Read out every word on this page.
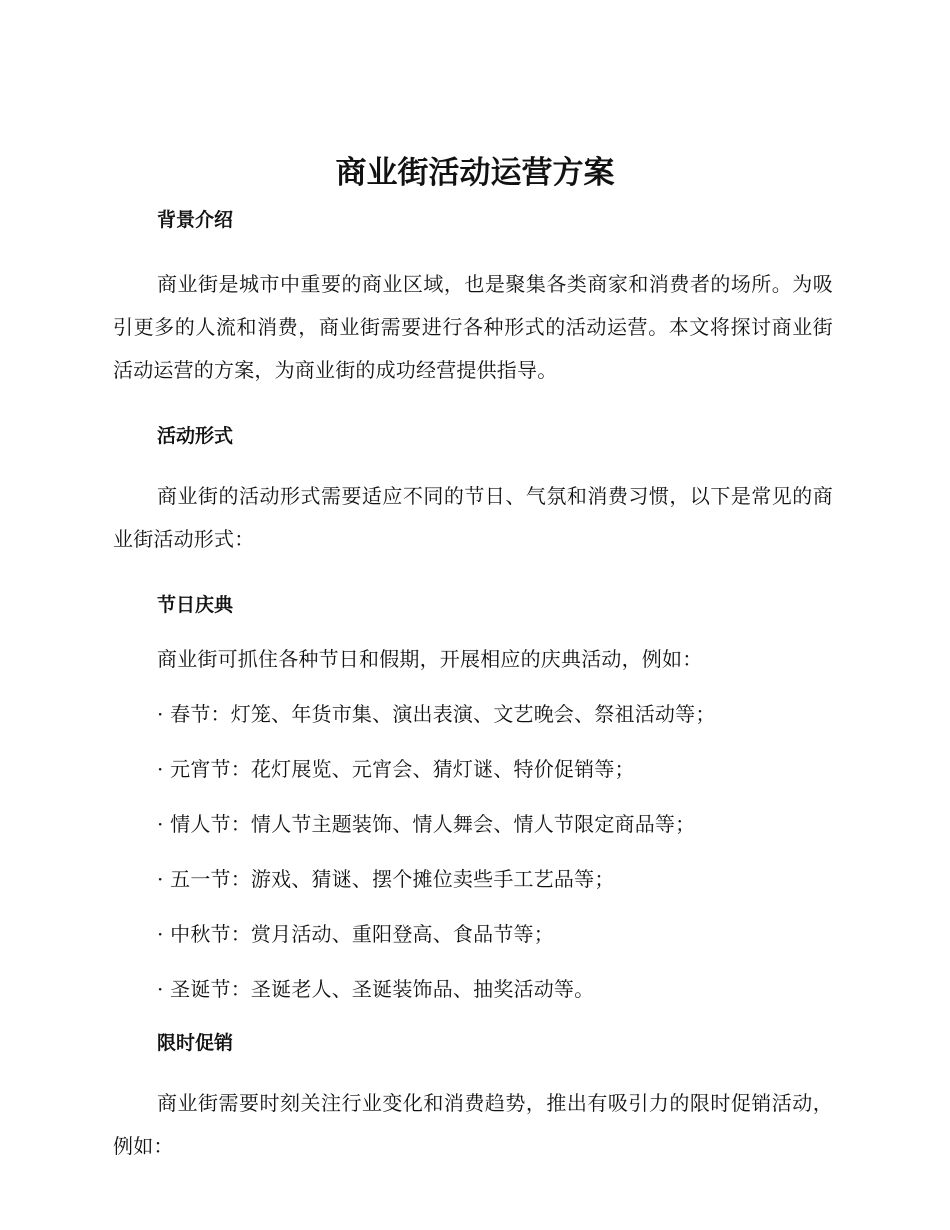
商业街活动运营方案
背景介绍

商业街是城市中重要的商业区域，也是聚集各类商家和消费者的场所。为吸引更多的人流和消费，商业街需要进行各种形式的活动运营。本文将探讨商业街活动运营的方案，为商业街的成功经营提供指导。

活动形式

商业街的活动形式需要适应不同的节日、气氛和消费习惯，以下是常见的商业街活动形式：

节日庆典

商业街可抓住各种节日和假期，开展相应的庆典活动，例如：

· 春节：灯笼、年货市集、演出表演、文艺晚会、祭祖活动等；

· 元宵节：花灯展览、元宵会、猜灯谜、特价促销等；

· 情人节：情人节主题装饰、情人舞会、情人节限定商品等；

· 五一节：游戏、猜谜、摆个摊位卖些手工艺品等；

· 中秋节：赏月活动、重阳登高、食品节等；

· 圣诞节：圣诞老人、圣诞装饰品、抽奖活动等。

限时促销

商业街需要时刻关注行业变化和消费趋势，推出有吸引力的限时促销活动，例如：
